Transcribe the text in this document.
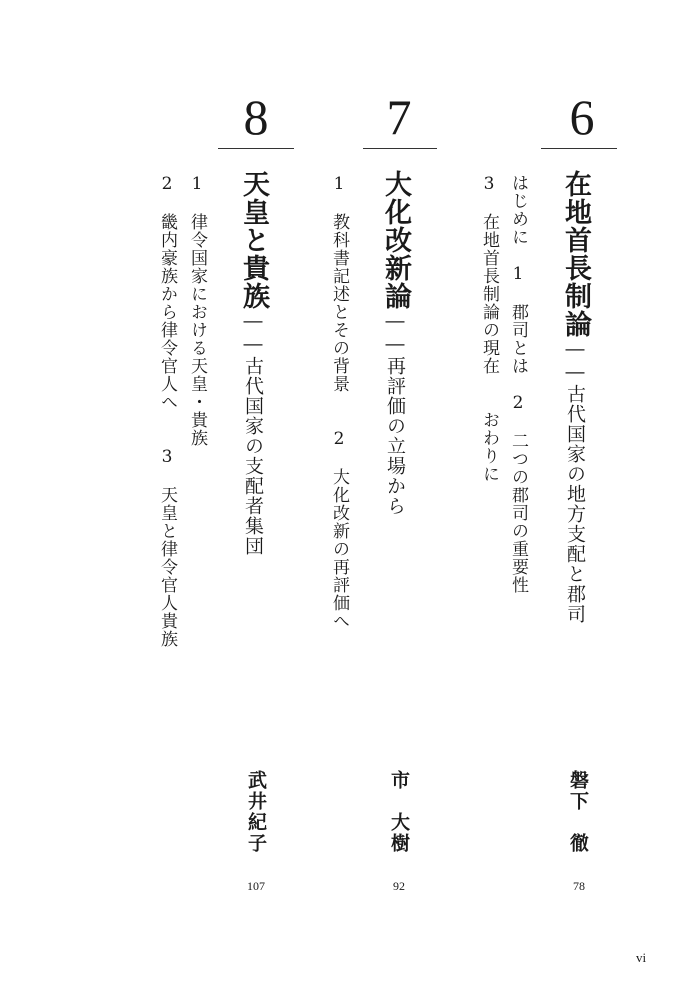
6
在地首長制論――古代国家の地方支配と郡司
はじめに　1　郡司とは　2　二つの郡司の重要性
3　在地首長制論の現在　　おわりに
磐下　徹
78
7
大化改新論――再評価の立場から
1　教科書記述とその背景　　2　大化改新の再評価へ
市　大樹
92
8
天皇と貴族――古代国家の支配者集団
1　律令国家における天皇・貴族
2　畿内豪族から律令官人へ　　3　天皇と律令官人貴族
武井紀子
107
vi
